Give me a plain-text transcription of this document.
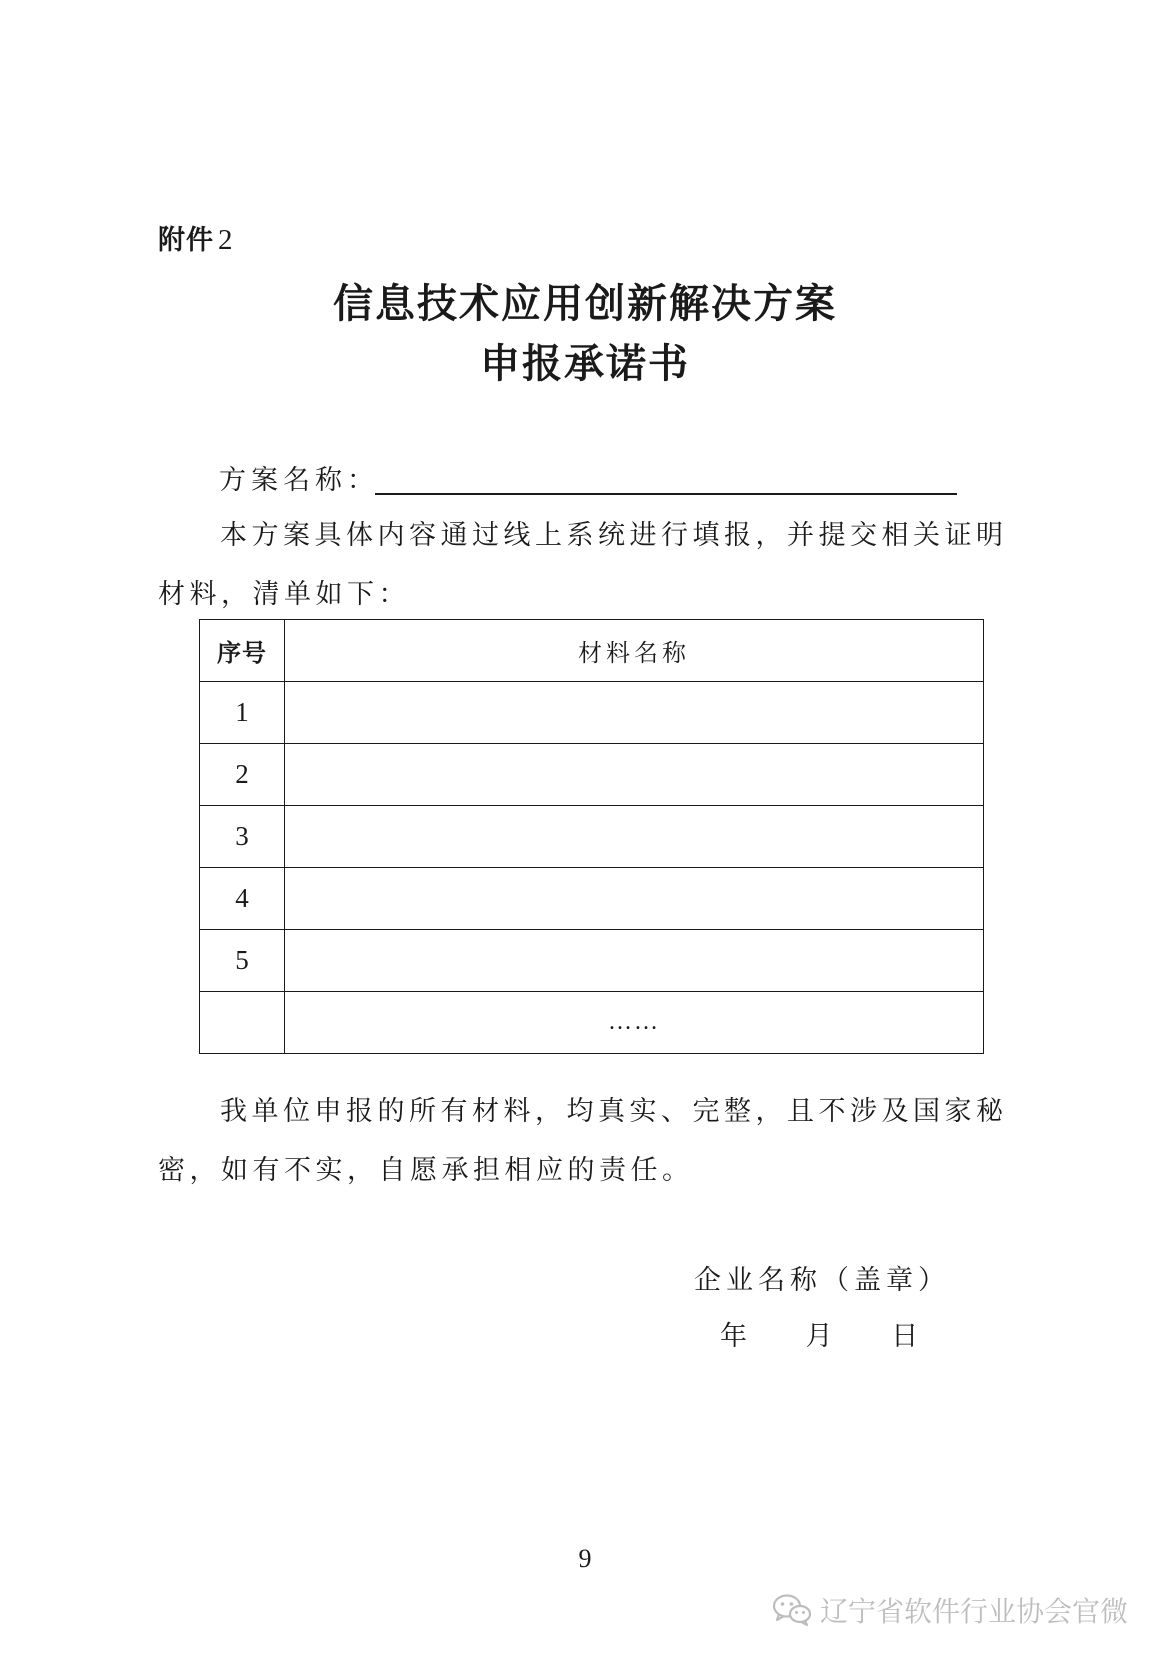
附件 2
信息技术应用创新解决方案
申报承诺书
方案名称：

本方案具体内容通过线上系统进行填报，并提交相关证明材料，清单如下：

序号	材料名称
1	
2	
3	
4	
5	
	……

我单位申报的所有材料，均真实、完整，且不涉及国家秘密，如有不实，自愿承担相应的责任。

企业名称（盖章）
年 月 日
9
辽宁省软件行业协会官微
